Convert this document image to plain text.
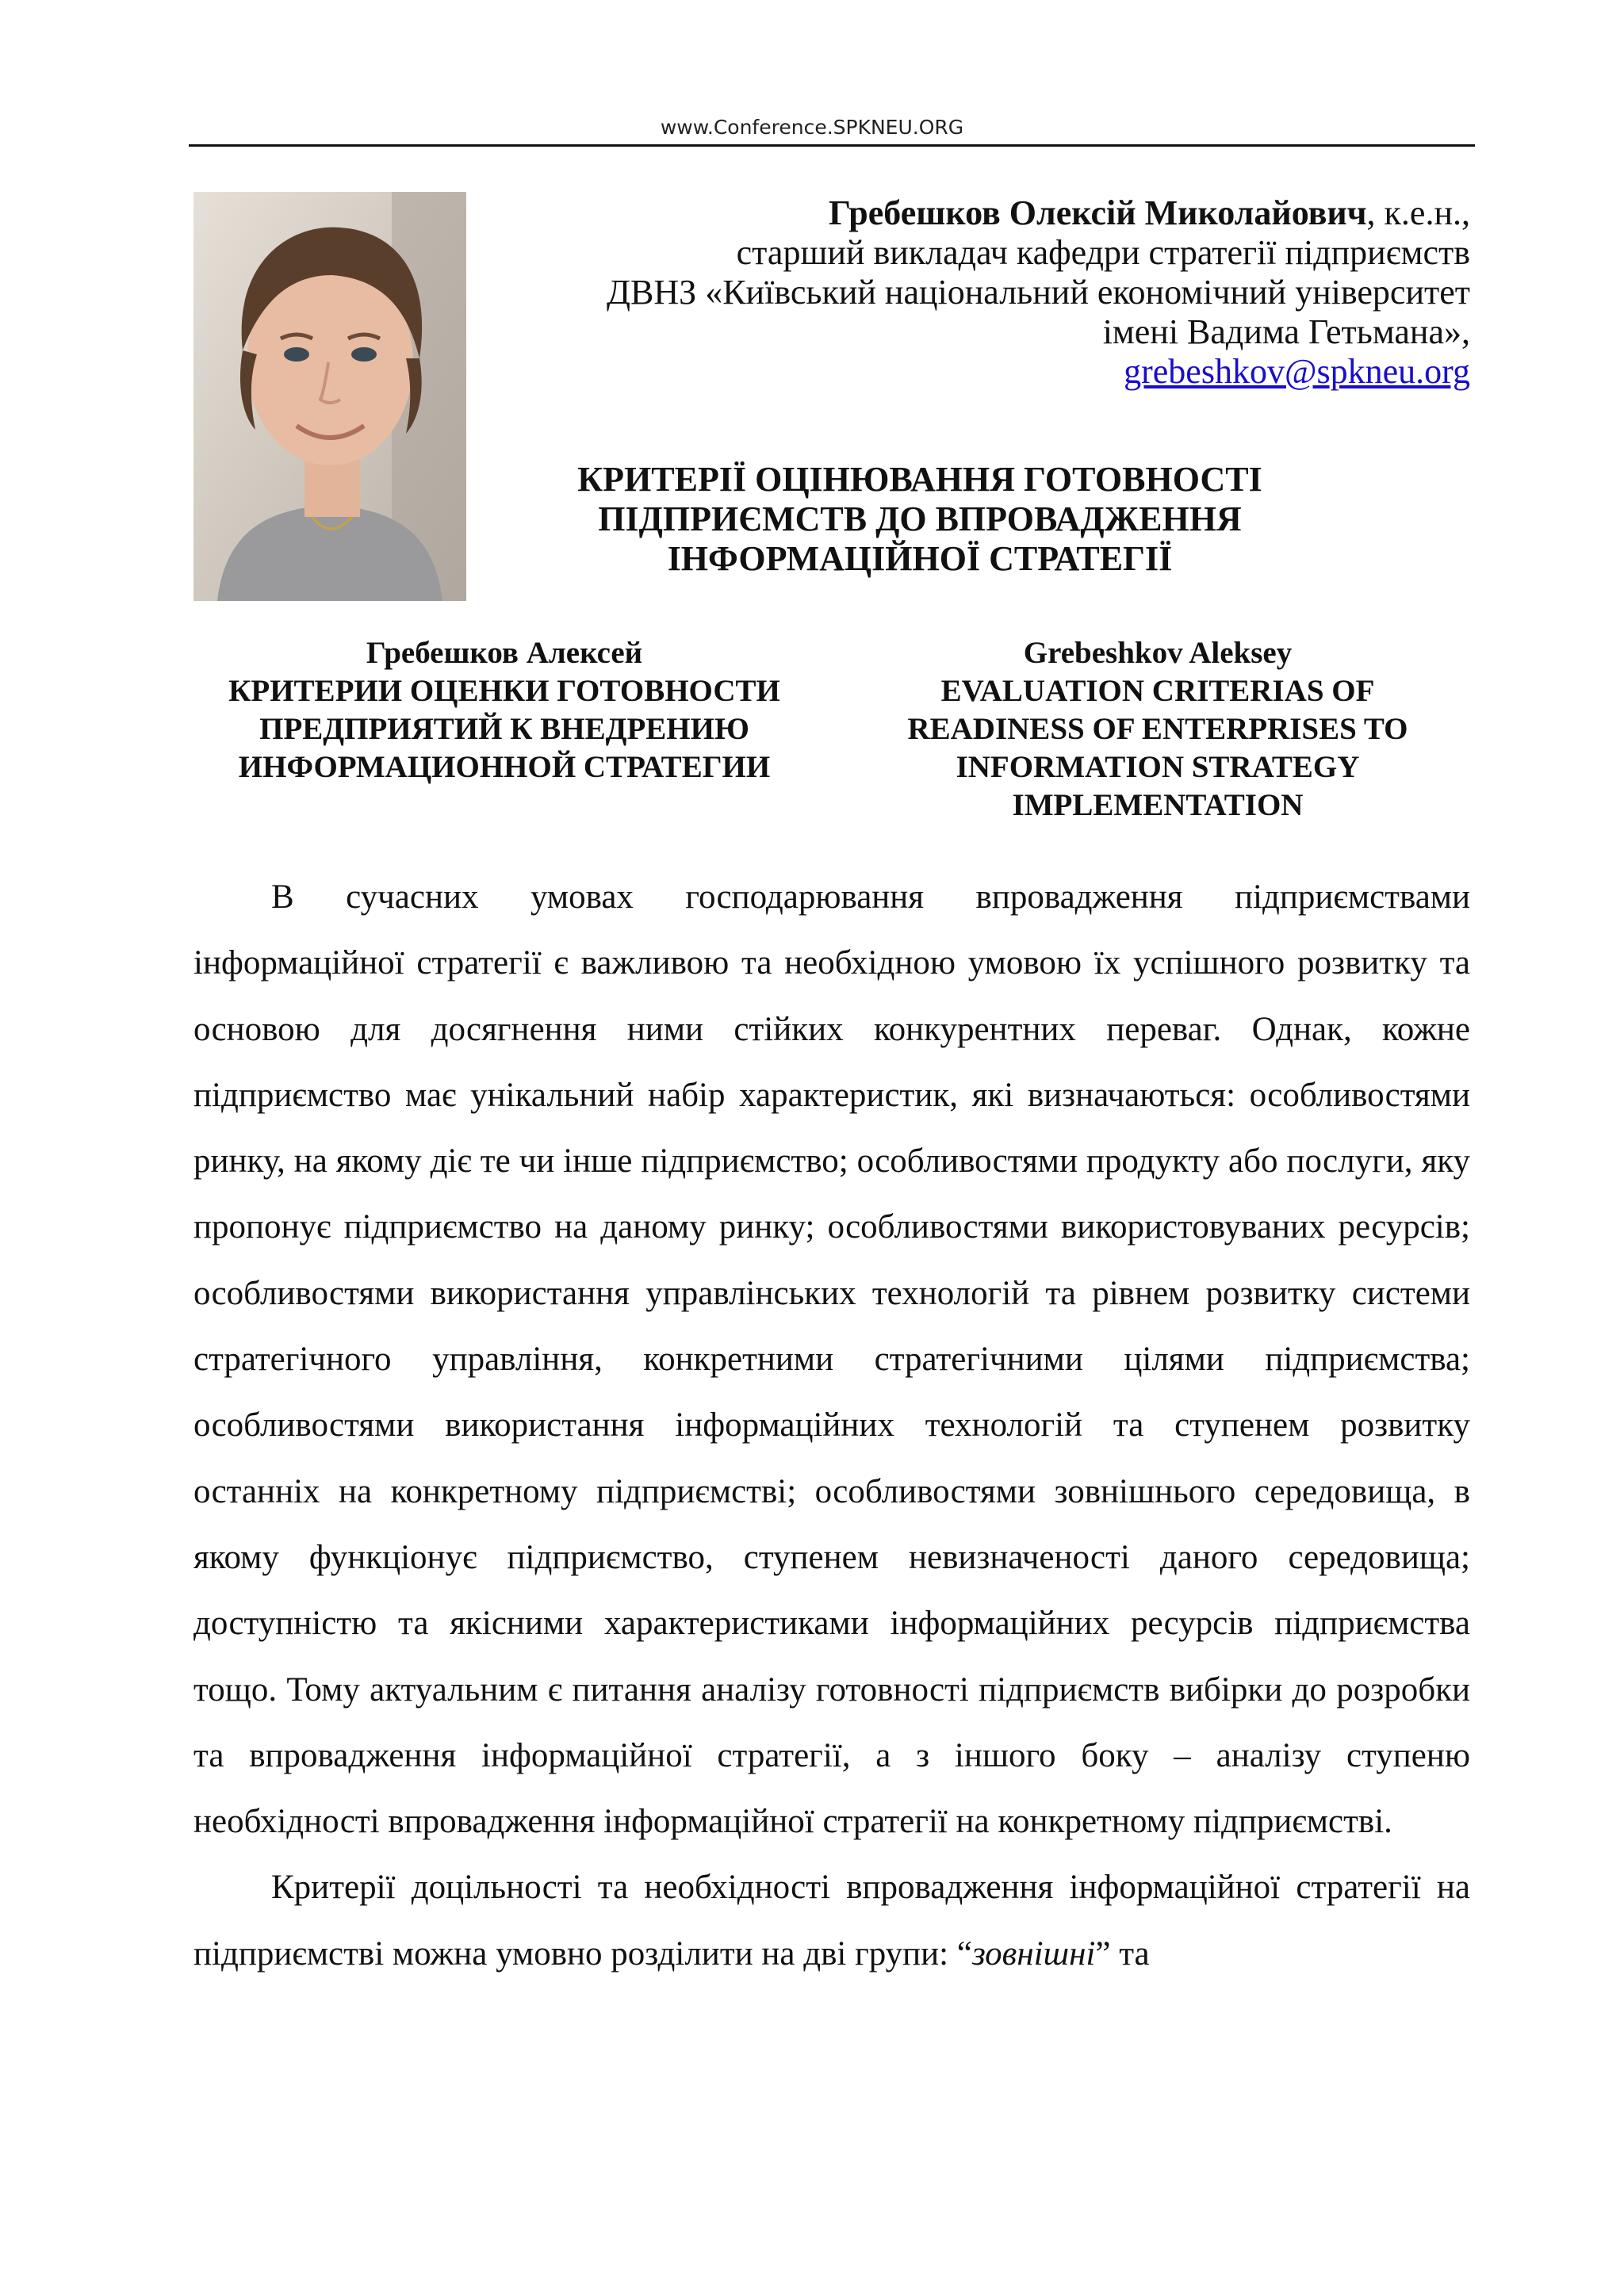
www.Conference.SPKNEU.ORG
Гребешков Олексій Миколайович, к.е.н.,
старший викладач кафедри стратегії підприємств
ДВНЗ «Київський національний економічний університет
імені Вадима Гетьмана»,
grebeshkov@spkneu.org
КРИТЕРІЇ ОЦІНЮВАННЯ ГОТОВНОСТІ
ПІДПРИЄМСТВ ДО ВПРОВАДЖЕННЯ
ІНФОРМАЦІЙНОЇ СТРАТЕГІЇ
Гребешков Алексей
КРИТЕРИИ ОЦЕНКИ ГОТОВНОСТИ
ПРЕДПРИЯТИЙ К ВНЕДРЕНИЮ
ИНФОРМАЦИОННОЙ СТРАТЕГИИ
Grebeshkov Aleksey
EVALUATION CRITERIAS OF
READINESS OF ENTERPRISES TO
INFORMATION STRATEGY
IMPLEMENTATION

В сучасних умовах господарювання впровадження підприємствами інформаційної стратегії є важливою та необхідною умовою їх успішного розвитку та основою для досягнення ними стійких конкурентних переваг. Однак, кожне підприємство має унікальний набір характеристик, які визначаються: особливостями ринку, на якому діє те чи інше підприємство; особливостями продукту або послуги, яку пропонує підприємство на даному ринку; особливостями використовуваних ресурсів; особливостями використання управлінських технологій та рівнем розвитку системи стратегічного управління, конкретними стратегічними цілями підприємства; особливостями використання інформаційних технологій та ступенем розвитку останніх на конкретному підприємстві; особливостями зовнішнього середовища, в якому функціонує підприємство, ступенем невизначеності даного середовища; доступністю та якісними характеристиками інформаційних ресурсів підприємства тощо. Тому актуальним є питання аналізу готовності підприємств вибірки до розробки та впровадження інформаційної стратегії, а з іншого боку – аналізу ступеню необхідності впровадження інформаційної стратегії на конкретному підприємстві.

Критерії доцільності та необхідності впровадження інформаційної стратегії на підприємстві можна умовно розділити на дві групи: “зовнішні” та
